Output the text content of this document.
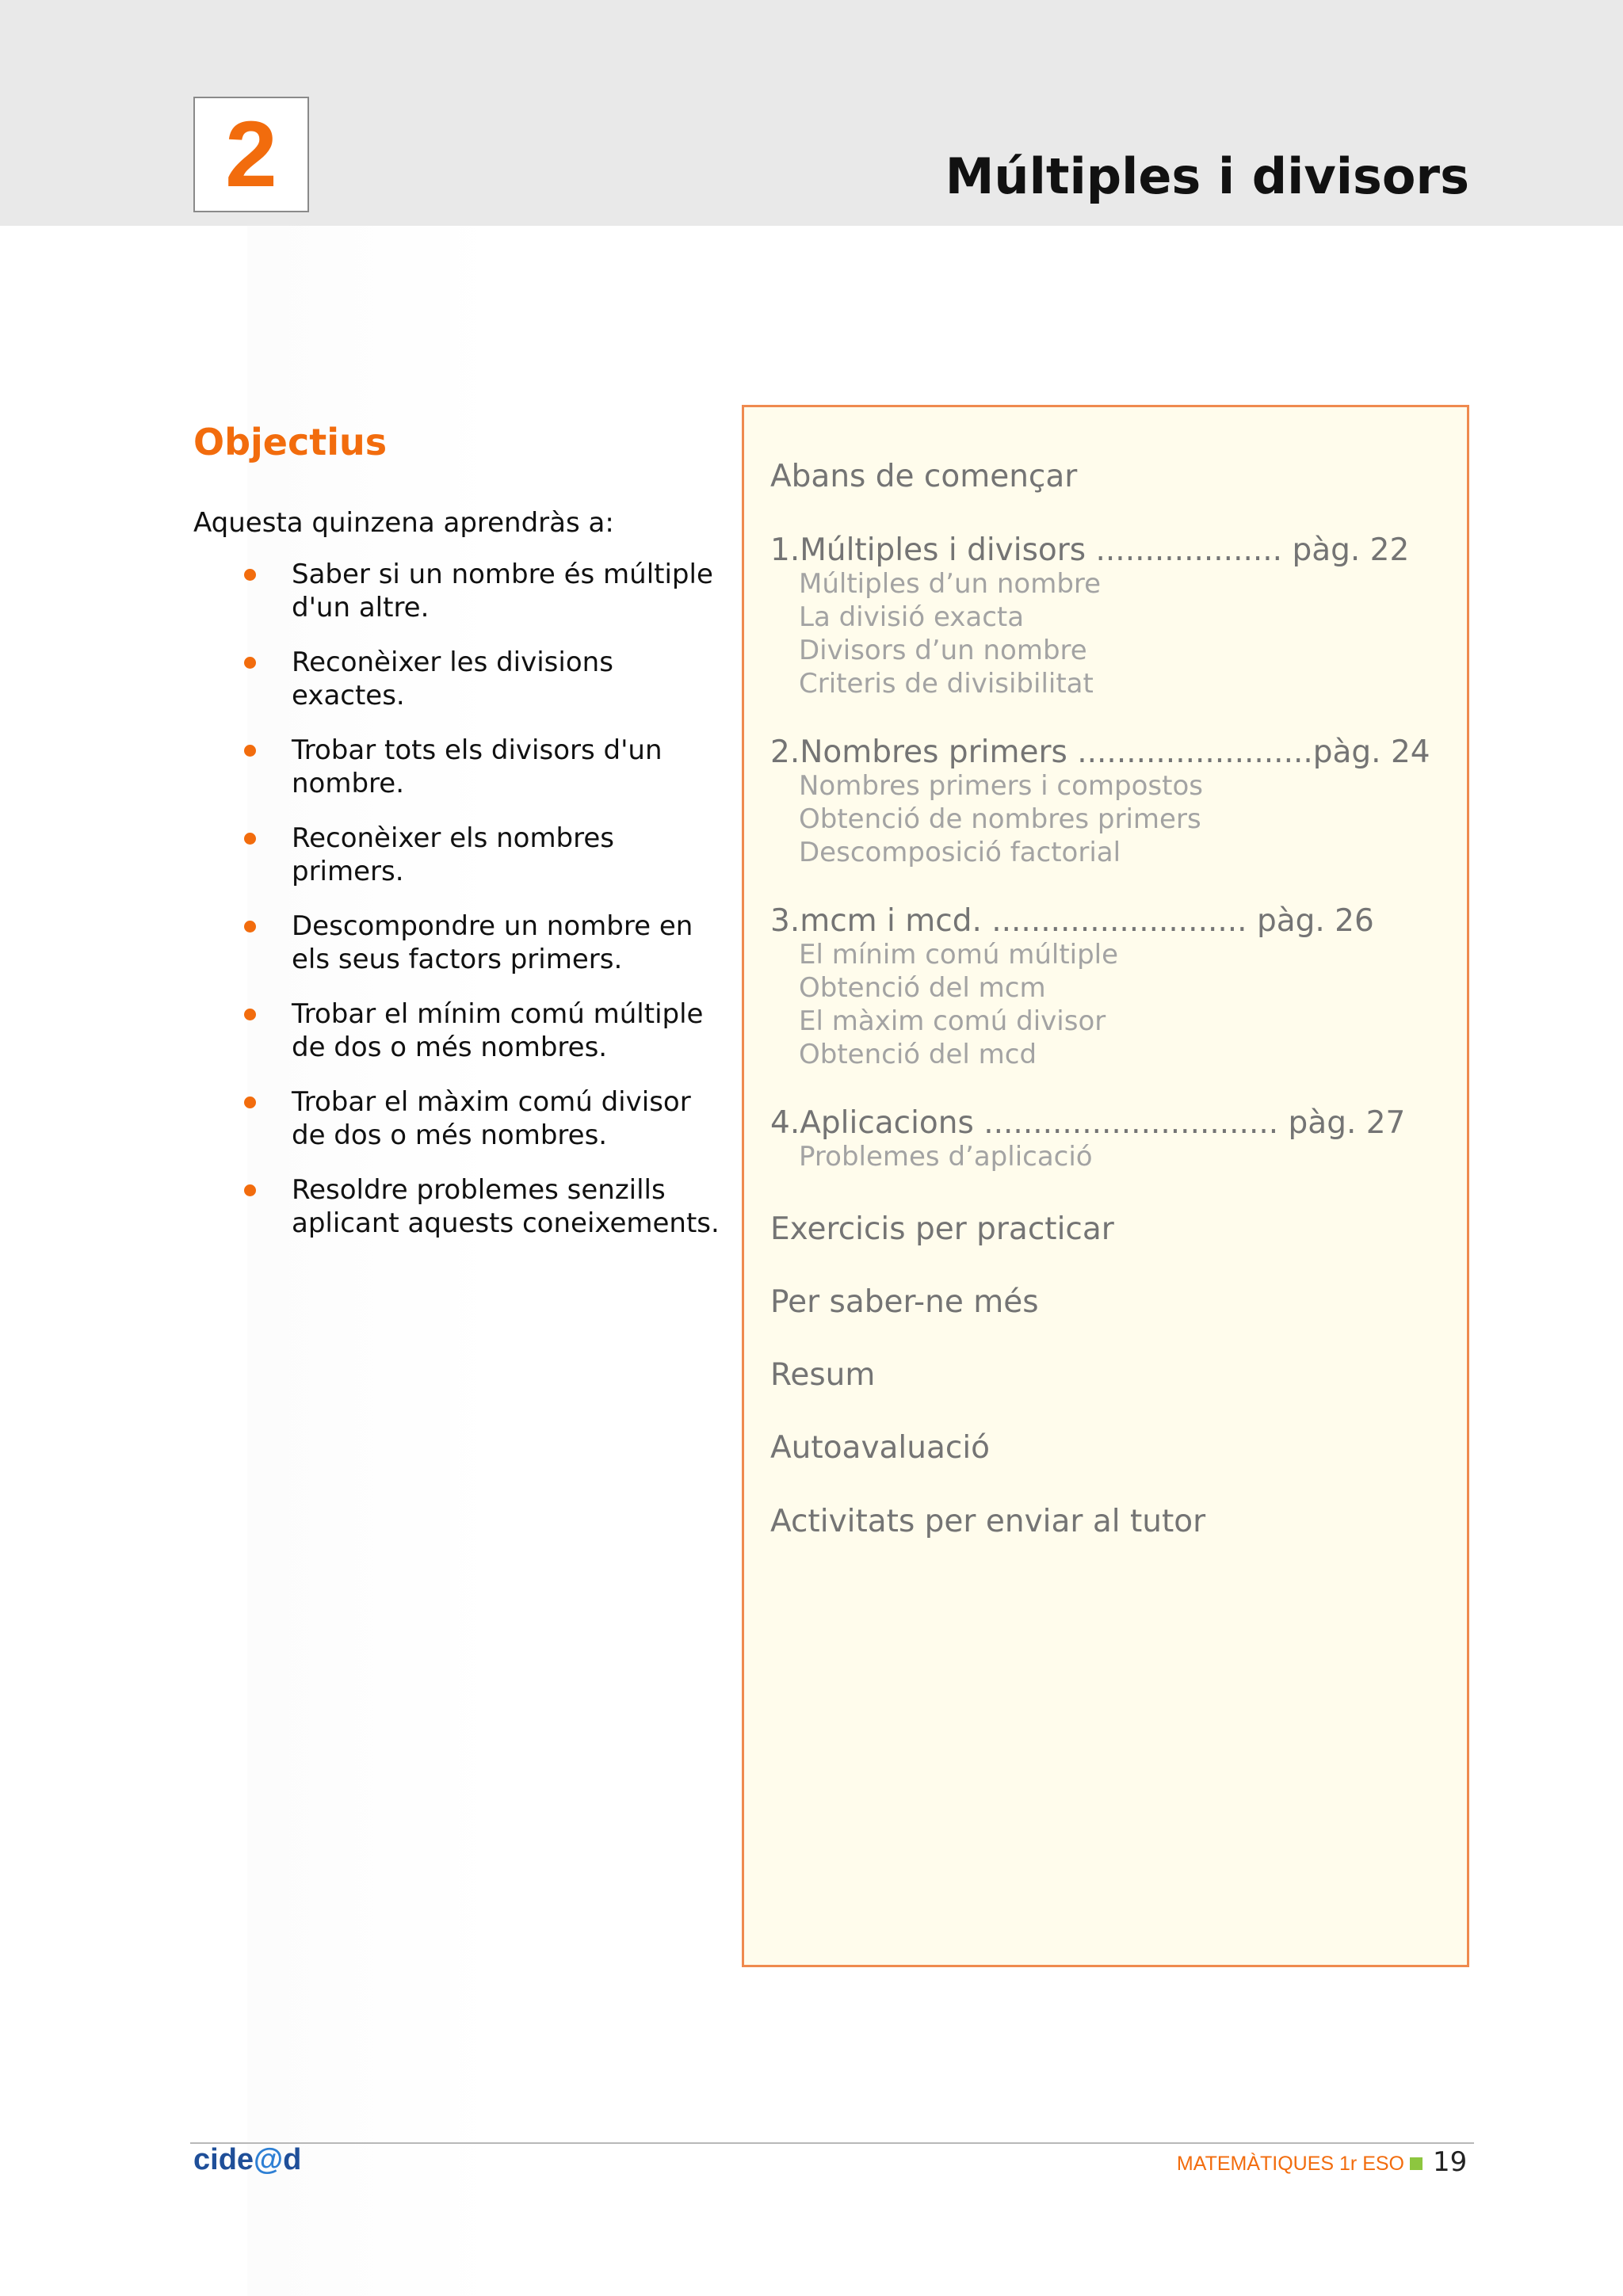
2	Múltiples i divisors
Objectius
Aquesta quinzena aprendràs a:
Saber si un nombre és múltiple d'un altre.
Reconèixer les divisions exactes.
Trobar tots els divisors d'un nombre.
Reconèixer els nombres primers.
Descompondre un nombre en els seus factors primers.
Trobar el mínim comú múltiple de dos o més nombres.
Trobar el màxim comú divisor de dos o més nombres.
Resoldre problemes senzills aplicant aquests coneixements.
Abans de començar
1.Múltiples i divisors ................... pàg. 22
Múltiples d’un nombre
La divisió exacta
Divisors d’un nombre
Criteris de divisibilitat
2.Nombres primers ........................pàg. 24
Nombres primers i compostos
Obtenció de nombres primers
Descomposició factorial
3.mcm i mcd. .......................... pàg. 26
El mínim comú múltiple
Obtenció del mcm
El màxim comú divisor
Obtenció del mcd
4.Aplicacions .............................. pàg. 27
Problemes d’aplicació
Exercicis per practicar
Per saber-ne més
Resum
Autoavaluació
Activitats per enviar al tutor
cide@d	MATEMÀTIQUES 1r ESO 19
